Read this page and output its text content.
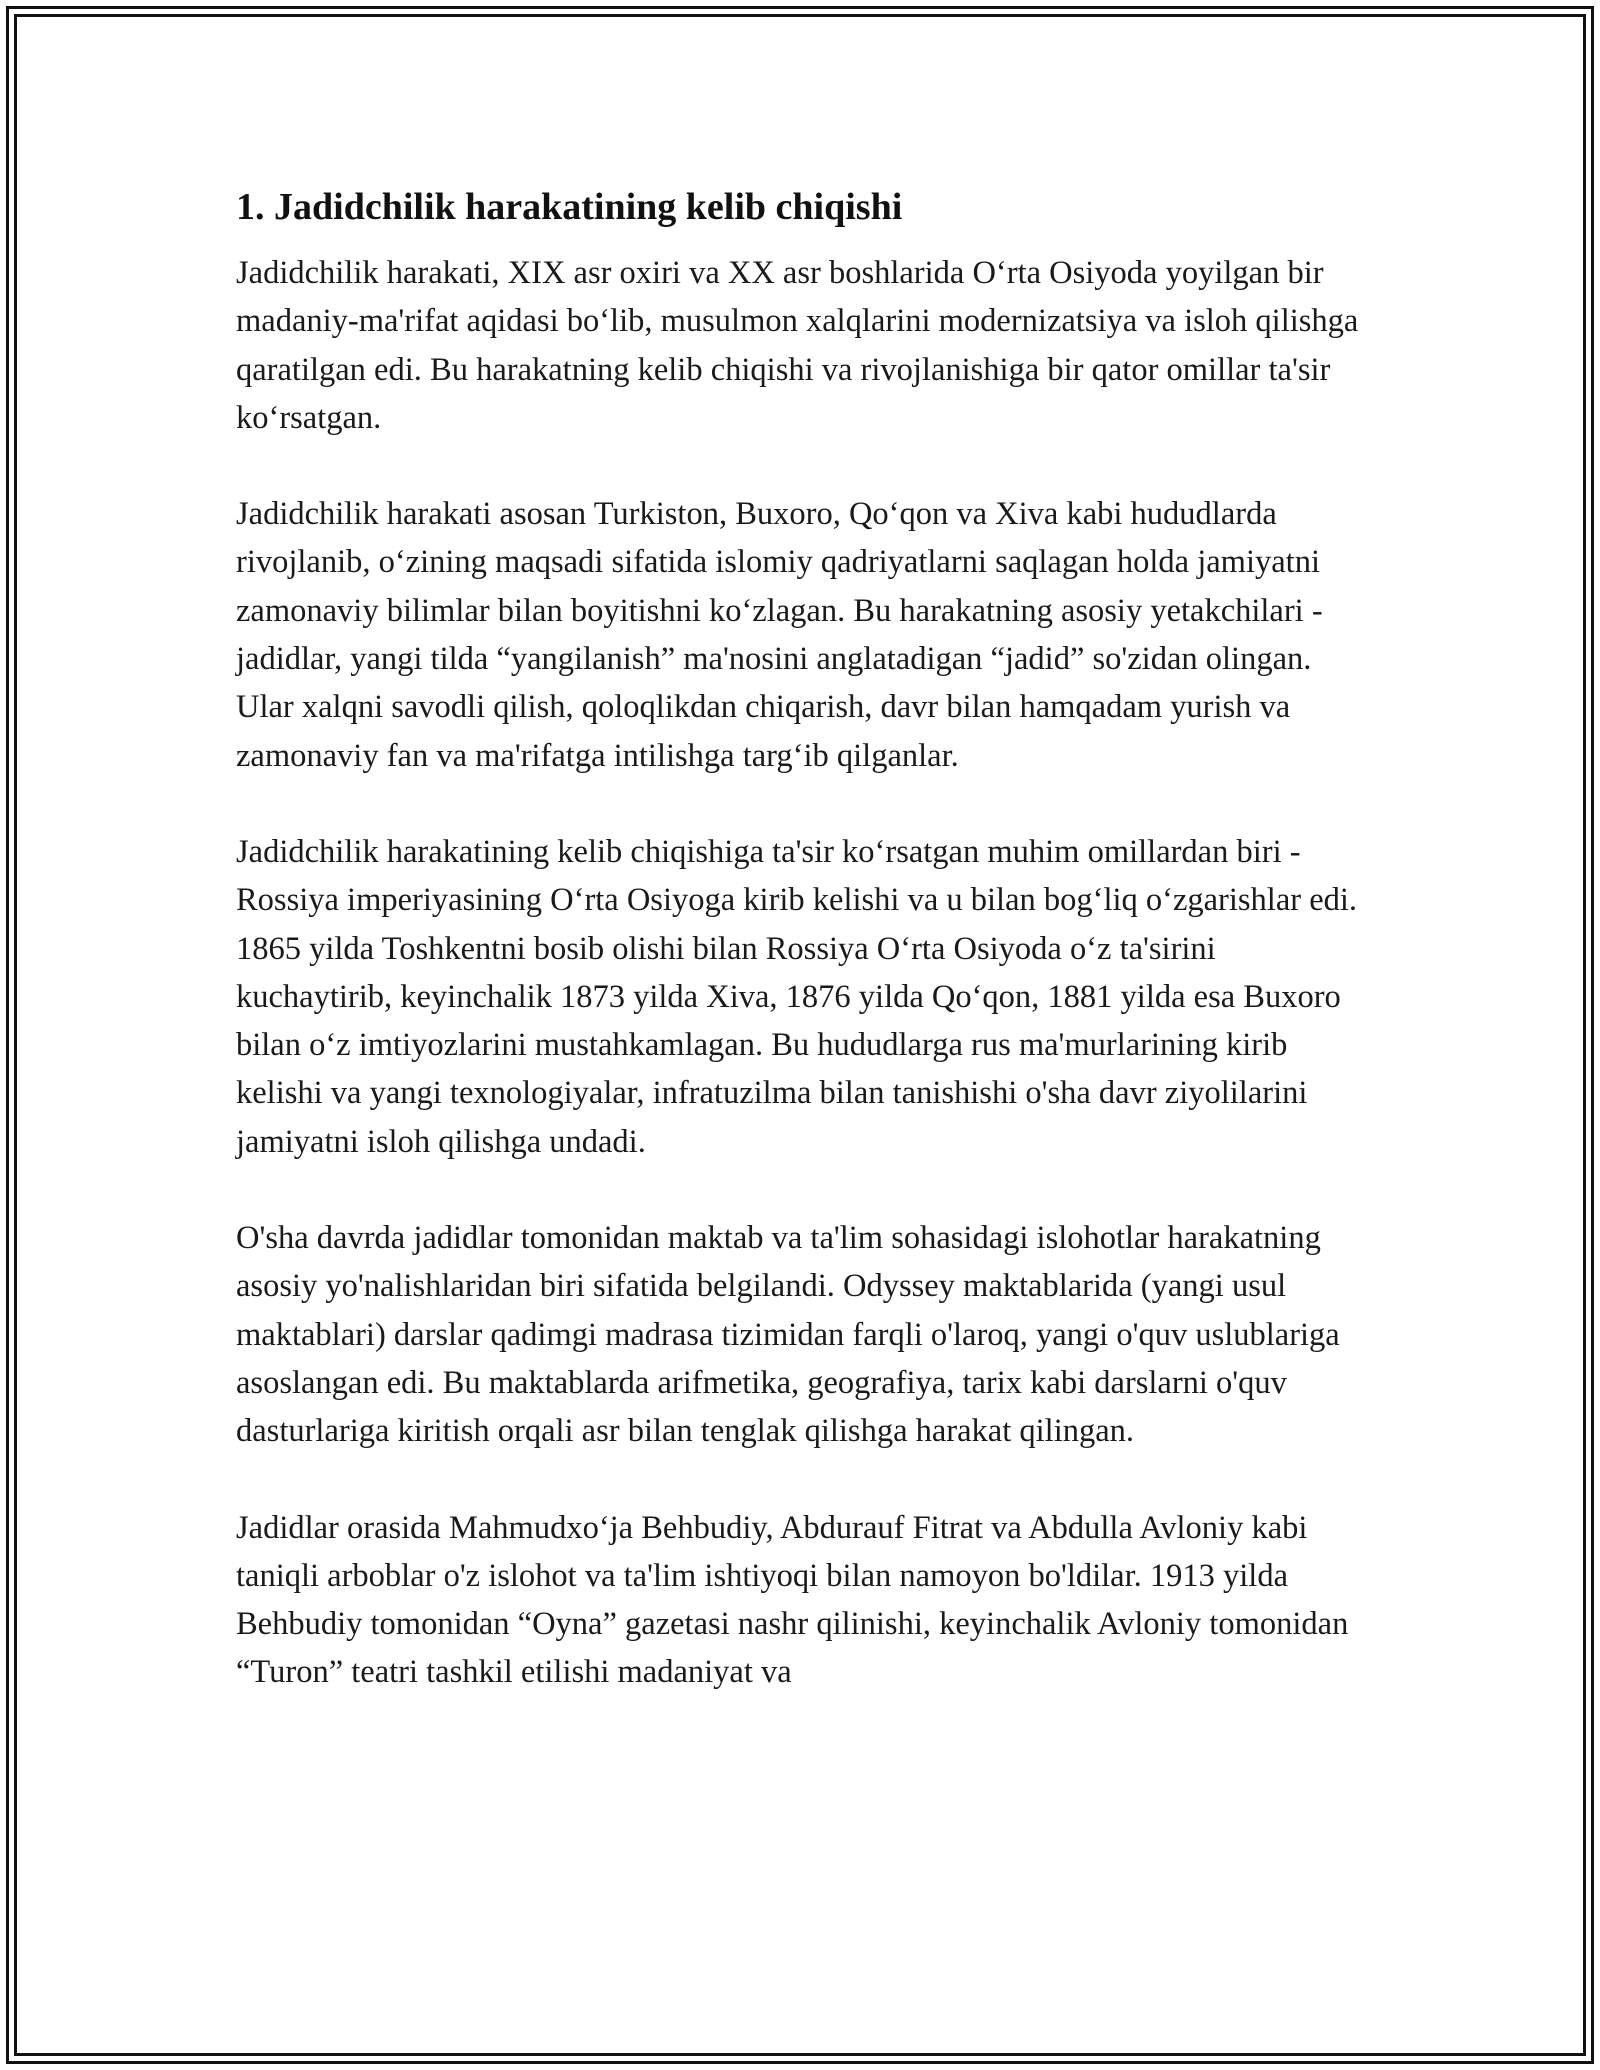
1. Jadidchilik harakatining kelib chiqishi

Jadidchilik harakati, XIX asr oxiri va XX asr boshlarida O‘rta Osiyoda yoyilgan bir madaniy-ma'rifat aqidasi bo‘lib, musulmon xalqlarini modernizatsiya va isloh qilishga qaratilgan edi. Bu harakatning kelib chiqishi va rivojlanishiga bir qator omillar ta'sir ko‘rsatgan.

Jadidchilik harakati asosan Turkiston, Buxoro, Qo‘qon va Xiva kabi hududlarda rivojlanib, o‘zining maqsadi sifatida islomiy qadriyatlarni saqlagan holda jamiyatni zamonaviy bilimlar bilan boyitishni ko‘zlagan. Bu harakatning asosiy yetakchilari - jadidlar, yangi tilda “yangilanish” ma'nosini anglatadigan “jadid” so'zidan olingan. Ular xalqni savodli qilish, qoloqlikdan chiqarish, davr bilan hamqadam yurish va zamonaviy fan va ma'rifatga intilishga targ‘ib qilganlar.

Jadidchilik harakatining kelib chiqishiga ta'sir ko‘rsatgan muhim omillardan biri - Rossiya imperiyasining O‘rta Osiyoga kirib kelishi va u bilan bog‘liq o‘zgarishlar edi. 1865 yilda Toshkentni bosib olishi bilan Rossiya O‘rta Osiyoda o‘z ta'sirini kuchaytirib, keyinchalik 1873 yilda Xiva, 1876 yilda Qo‘qon, 1881 yilda esa Buxoro bilan o‘z imtiyozlarini mustahkamlagan. Bu hududlarga rus ma'murlarining kirib kelishi va yangi texnologiyalar, infratuzilma bilan tanishishi o'sha davr ziyolilarini jamiyatni isloh qilishga undadi.

O'sha davrda jadidlar tomonidan maktab va ta'lim sohasidagi islohotlar harakatning asosiy yo'nalishlaridan biri sifatida belgilandi. Odyssey maktablarida (yangi usul maktablari) darslar qadimgi madrasa tizimidan farqli o'laroq, yangi o'quv uslublariga asoslangan edi. Bu maktablarda arifmetika, geografiya, tarix kabi darslarni o'quv dasturlariga kiritish orqali asr bilan tenglak qilishga harakat qilingan.

Jadidlar orasida Mahmudxo‘ja Behbudiy, Abdurauf Fitrat va Abdulla Avloniy kabi taniqli arboblar o'z islohot va ta'lim ishtiyoqi bilan namoyon bo'ldilar. 1913 yilda Behbudiy tomonidan “Oyna” gazetasi nashr qilinishi, keyinchalik Avloniy tomonidan “Turon” teatri tashkil etilishi madaniyat va
